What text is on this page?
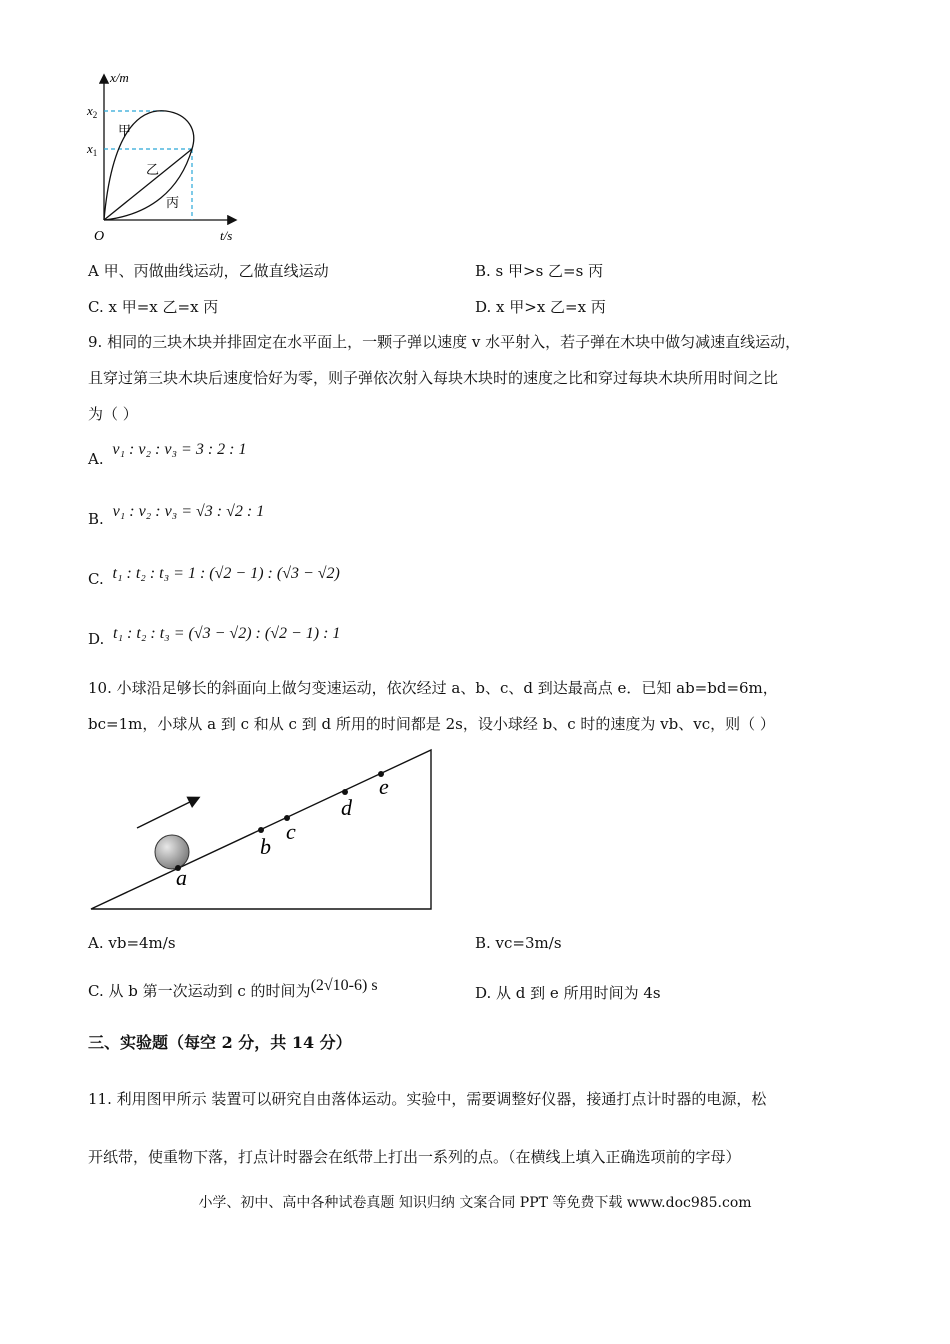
x/m
t/s
O
$x_2$
$x_1$
甲
乙
丙
A 甲、丙做曲线运动，乙做直线运动	B. s 甲>s 乙=s 丙
C. x 甲=x 乙=x 丙	D. x 甲>x 乙=x 丙
9. 相同的三块木块并排固定在水平面上，一颗子弹以速度 v 水平射入，若子弹在木块中做匀减速直线运动，
且穿过第三块木块后速度恰好为零，则子弹依次射入每块木块时的速度之比和穿过每块木块所用时间之比
为（ ）
A. v₁ : v₂ : v₃ = 3 : 2 : 1
B. v₁ : v₂ : v₃ = √3 : √2 : 1
C. t₁ : t₂ : t₃ = 1 : (√2 − 1) : (√3 − √2)
D. t₁ : t₂ : t₃ = (√3 − √2) : (√2 − 1) : 1
10. 小球沿足够长的斜面向上做匀变速运动，依次经过 a、b、c、d 到达最高点 e．已知 ab=bd=6m，
bc=1m，小球从 a 到 c 和从 c 到 d 所用的时间都是 2s，设小球经 b、c 时的速度为 vb、vc，则（ ）
a
b
c
d
e
A. vb=4m/s	B. vc=3m/s
C. 从 b 第一次运动到 c 的时间为(2√10-6) s	D. 从 d 到 e 所用时间为 4s
三、实验题（每空 2 分，共 14 分）
11. 利用图甲所示 装置可以研究自由落体运动。实验中，需要调整好仪器，接通打点计时器的电源，松
开纸带，使重物下落，打点计时器会在纸带上打出一系列的点。（在横线上填入正确选项前的字母）
小学、初中、高中各种试卷真题 知识归纳 文案合同 PPT 等免费下载 www.doc985.com
